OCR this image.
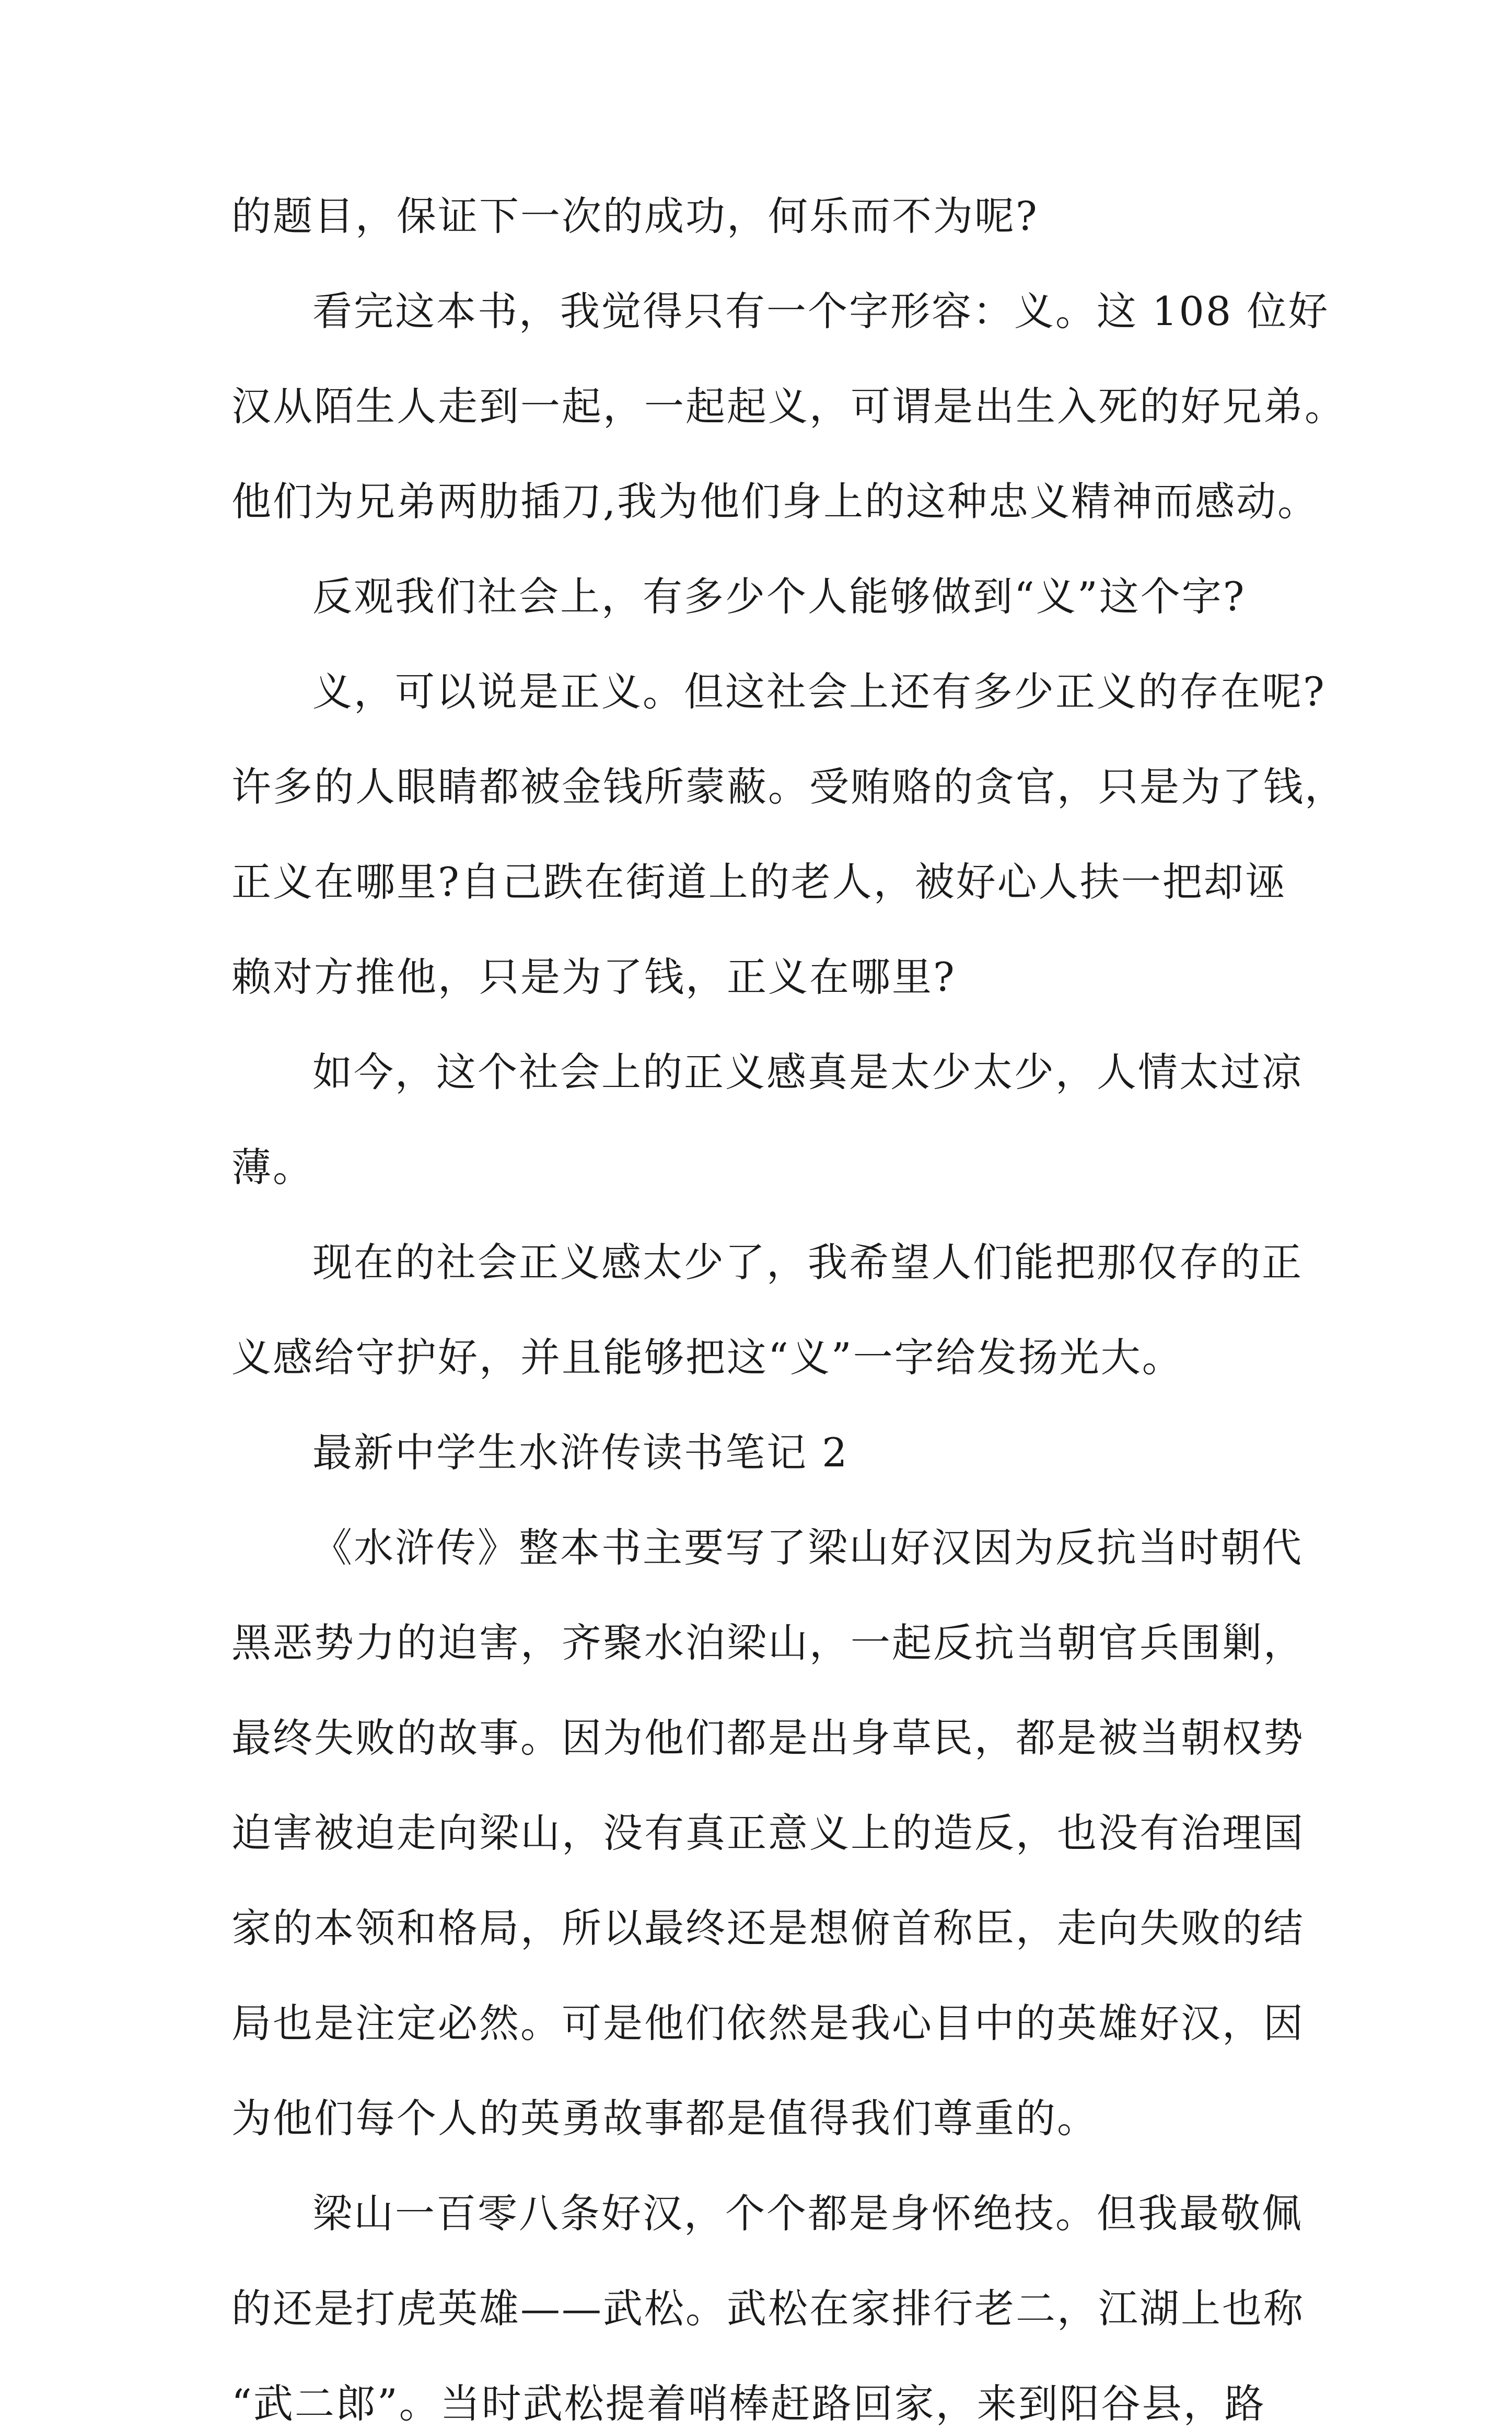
的题目，保证下一次的成功，何乐而不为呢?
看完这本书，我觉得只有一个字形容：义。这 108 位好
汉从陌生人走到一起，一起起义，可谓是出生入死的好兄弟。
他们为兄弟两肋插刀,我为他们身上的这种忠义精神而感动。
反观我们社会上，有多少个人能够做到“义”这个字?
义，可以说是正义。但这社会上还有多少正义的存在呢?
许多的人眼睛都被金钱所蒙蔽。受贿赂的贪官，只是为了钱，
正义在哪里?自己跌在街道上的老人，被好心人扶一把却诬
赖对方推他，只是为了钱，正义在哪里?
如今，这个社会上的正义感真是太少太少，人情太过凉
薄。
现在的社会正义感太少了，我希望人们能把那仅存的正
义感给守护好，并且能够把这“义”一字给发扬光大。
最新中学生水浒传读书笔记 2
《水浒传》整本书主要写了梁山好汉因为反抗当时朝代
黑恶势力的迫害，齐聚水泊梁山，一起反抗当朝官兵围剿，
最终失败的故事。因为他们都是出身草民，都是被当朝权势
迫害被迫走向梁山，没有真正意义上的造反，也没有治理国
家的本领和格局，所以最终还是想俯首称臣，走向失败的结
局也是注定必然。可是他们依然是我心目中的英雄好汉，因
为他们每个人的英勇故事都是值得我们尊重的。
梁山一百零八条好汉，个个都是身怀绝技。但我最敬佩
的还是打虎英雄——武松。武松在家排行老二，江湖上也称
“武二郎”。当时武松提着哨棒赶路回家，来到阳谷县，路
